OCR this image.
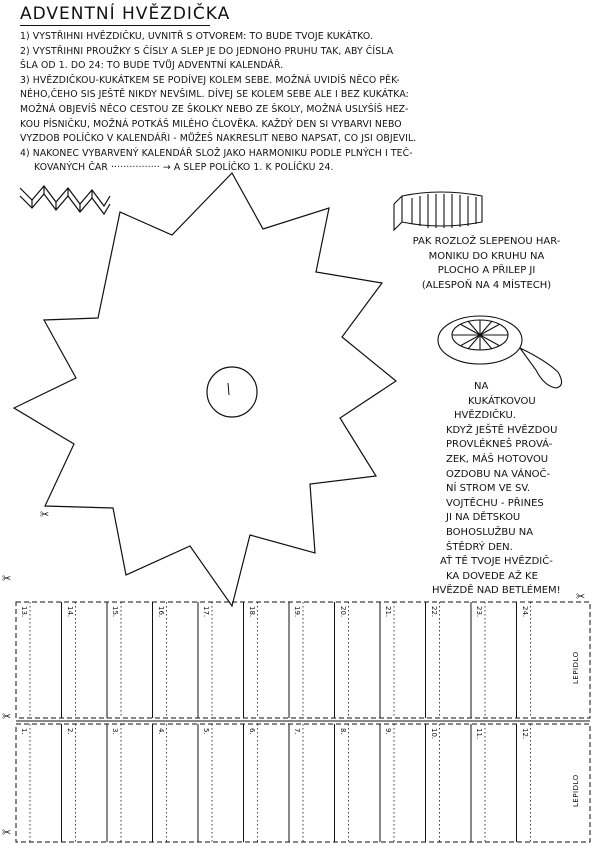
ADVENTNÍ HVĚZDIČKA
1) VYSTŘIHNI HVĚZDIČKU, UVNITŘ S OTVOREM: TO BUDE TVOJE KUKÁTKO.
2) VYSTŘIHNI PROUŽKY S ČÍSLY A SLEP JE DO JEDNOHO PRUHU TAK, ABY ČÍSLA
ŠLA OD 1. DO 24: TO BUDE TVŮJ ADVENTNÍ KALENDÁŘ.
3) HVĚZDIČKOU-KUKÁTKEM SE PODÍVEJ KOLEM SEBE. MOŽNÁ UVIDÍŠ NĚCO PĚK-
NÉHO,ČEHO SIS JEŠTĚ NIKDY NEVŠIML. DÍVEJ SE KOLEM SEBE ALE I BEZ KUKÁTKA:
MOŽNÁ OBJEVÍŠ NĚCO CESTOU ZE ŠKOLKY NEBO ZE ŠKOLY, MOŽNÁ USLYŠÍŠ HEZ-
KOU PÍSNIČKU, MOŽNÁ POTKÁŠ MILÉHO ČLOVĚKA. KAŽDÝ DEN SI VYBARVI NEBO
VYZDOB POLÍČKO V KALENDÁŘI - MŮŽEŠ NAKRESLIT NEBO NAPSAT, CO JSI OBJEVIL.
4) NAKONEC VYBARVENÝ KALENDÁŘ SLOŽ JAKO HARMONIKU PODLE PLNÝCH I TEČ-
KOVANÝCH ČAR ················ → A SLEP POLÍČKO 1. K POLÍČKU 24.
PAK ROZLOŽ SLEPENOU HAR-
MONIKU DO KRUHU NA
PLOCHO A PŘILEP JI
(ALESPOŇ NA 4 MÍSTECH)
NA
KUKÁTKOVOU
HVĚZDIČKU.
KDYŽ JEŠTĚ HVĚZDOU
PROVLÉKNEŠ PROVÁ-
ZEK, MÁŠ HOTOVOU
OZDOBU NA VÁNOČ-
NÍ STROM VE SV.
VOJTĚCHU - PŘINES
JI NA DĚTSKOU
BOHOSLUŽBU NA
ŠTĚDRÝ DEN.
AŤ TĚ TVOJE HVĚZDIČ-
KA DOVEDE AŽ KE
HVĚZDĚ NAD BETLÉMEM!
✂
✂
✂
✂
✂
13.	14.	15.	16.	17.	18.	19.	20.	21.	22.	23.	24.
LEPIDLO
1.	2.	3.	4.	5.	6.	7.	8.	9.	10.	11.	12.
LEPIDLO
